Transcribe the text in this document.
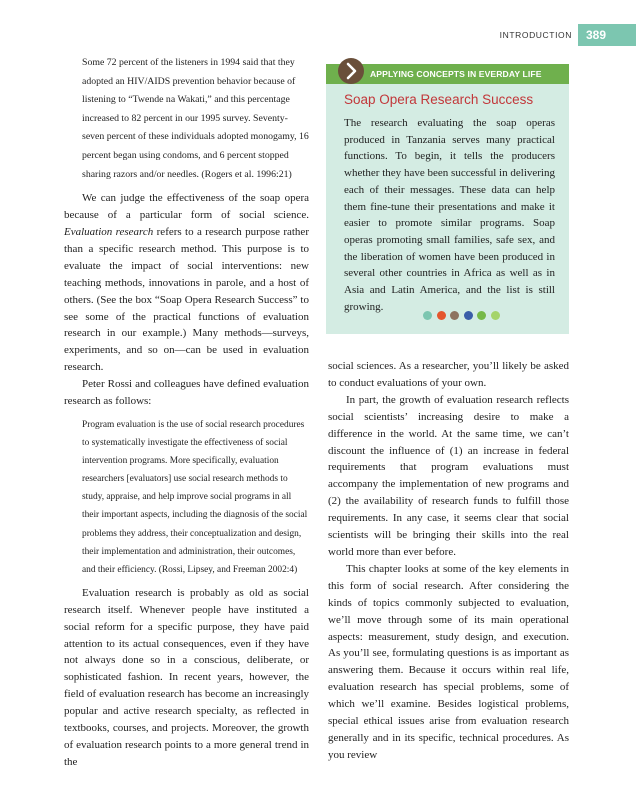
INTRODUCTION	389

Some 72 percent of the listeners in 1994 said that they adopted an HIV/AIDS prevention behavior because of listening to “Twende na Wakati,” and this percentage increased to 82 percent in our 1995 survey. Seventy-seven percent of these individuals adopted monogamy, 16 percent began using condoms, and 6 percent stopped sharing razors and/or needles. (Rogers et al. 1996:21)

We can judge the effectiveness of the soap opera because of a particular form of social science. Evaluation research refers to a research purpose rather than a specific research method. This purpose is to evaluate the impact of social interventions: new teaching methods, innovations in parole, and a host of others. (See the box “Soap Opera Research Success” to see some of the practical functions of evaluation research in our example.) Many methods—surveys, experiments, and so on—can be used in evaluation research.

Peter Rossi and colleagues have defined evaluation research as follows:

Program evaluation is the use of social research procedures to systematically investigate the effectiveness of social intervention programs. More specifically, evaluation researchers [evaluators] use social research methods to study, appraise, and help improve social programs in all their important aspects, including the diagnosis of the social problems they address, their conceptualization and design, their implementation and administration, their outcomes, and their efficiency. (Rossi, Lipsey, and Freeman 2002:4)

Evaluation research is probably as old as social research itself. Whenever people have instituted a social reform for a specific purpose, they have paid attention to its actual consequences, even if they have not always done so in a conscious, deliberate, or sophisticated fashion. In recent years, however, the field of evaluation research has become an increasingly popular and active research specialty, as reflected in textbooks, courses, and projects. Moreover, the growth of evaluation research points to a more general trend in the

APPLYING CONCEPTS IN EVERDAY LIFE
Soap Opera Research Success

The research evaluating the soap operas produced in Tanzania serves many practical functions. To begin, it tells the producers whether they have been successful in delivering each of their messages. These data can help them fine-tune their presentations and make it easier to promote similar programs. Soap operas promoting small families, safe sex, and the liberation of women have been produced in several other countries in Africa as well as in Asia and Latin America, and the list is still growing.

social sciences. As a researcher, you’ll likely be asked to conduct evaluations of your own.

In part, the growth of evaluation research reflects social scientists’ increasing desire to make a difference in the world. At the same time, we can’t discount the influence of (1) an increase in federal requirements that program evaluations must accompany the implementation of new programs and (2) the availability of research funds to fulfill those requirements. In any case, it seems clear that social scientists will be bringing their skills into the real world more than ever before.

This chapter looks at some of the key elements in this form of social research. After considering the kinds of topics commonly subjected to evaluation, we’ll move through some of its main operational aspects: measurement, study design, and execution. As you’ll see, formulating questions is as important as answering them. Because it occurs within real life, evaluation research has special problems, some of which we’ll examine. Besides logistical problems, special ethical issues arise from evaluation research generally and in its specific, technical procedures. As you review
